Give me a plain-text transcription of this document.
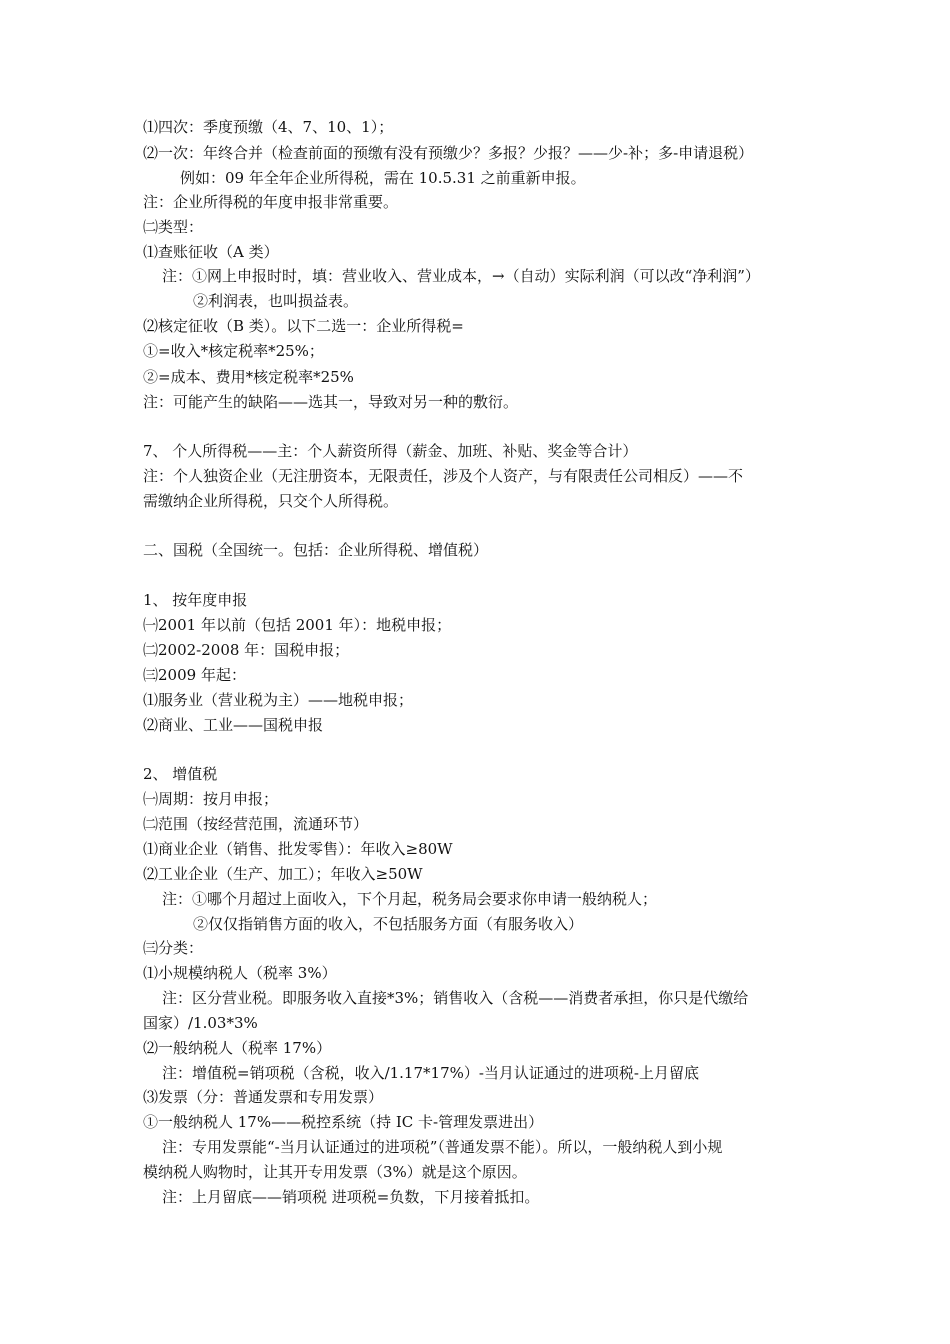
⑴四次：季度预缴（4、7、10、1）；
⑵一次：年终合并（检查前面的预缴有没有预缴少？多报？少报？——少-补；多-申请退税）
例如：09 年全年企业所得税，需在 10.5.31 之前重新申报。
注：企业所得税的年度申报非常重要。
㈡类型：
⑴查账征收（A 类）
注：①网上申报时时，填：营业收入、营业成本，→（自动）实际利润（可以改“净利润”）
②利润表，也叫损益表。
⑵核定征收（B 类）。以下二选一：企业所得税=
①=收入*核定税率*25%；
②=成本、费用*核定税率*25%
注：可能产生的缺陷——选其一，导致对另一种的敷衍。
7、 个人所得税——主：个人薪资所得（薪金、加班、补贴、奖金等合计）
注：个人独资企业（无注册资本，无限责任，涉及个人资产，与有限责任公司相反）——不
需缴纳企业所得税，只交个人所得税。
二、国税（全国统一。包括：企业所得税、增值税）
1、 按年度申报
㈠2001 年以前（包括 2001 年）：地税申报；
㈡2002-2008 年：国税申报；
㈢2009 年起：
⑴服务业（营业税为主）——地税申报；
⑵商业、工业——国税申报
2、 增值税
㈠周期：按月申报；
㈡范围（按经营范围，流通环节）
⑴商业企业（销售、批发零售）：年收入≥80W
⑵工业企业（生产、加工）；年收入≥50W
注：①哪个月超过上面收入，下个月起，税务局会要求你申请一般纳税人；
②仅仅指销售方面的收入，不包括服务方面（有服务收入）
㈢分类：
⑴小规模纳税人（税率 3%）
注：区分营业税。即服务收入直接*3%；销售收入（含税——消费者承担，你只是代缴给
国家）/1.03*3%
⑵一般纳税人（税率 17%）
注：增值税=销项税（含税，收入/1.17*17%）-当月认证通过的进项税-上月留底
⑶发票（分：普通发票和专用发票）
①一般纳税人 17%——税控系统（持 IC 卡-管理发票进出）
注：专用发票能“-当月认证通过的进项税”（普通发票不能）。所以，一般纳税人到小规
模纳税人购物时，让其开专用发票（3%）就是这个原因。
注：上月留底——销项税 进项税=负数，下月接着抵扣。
